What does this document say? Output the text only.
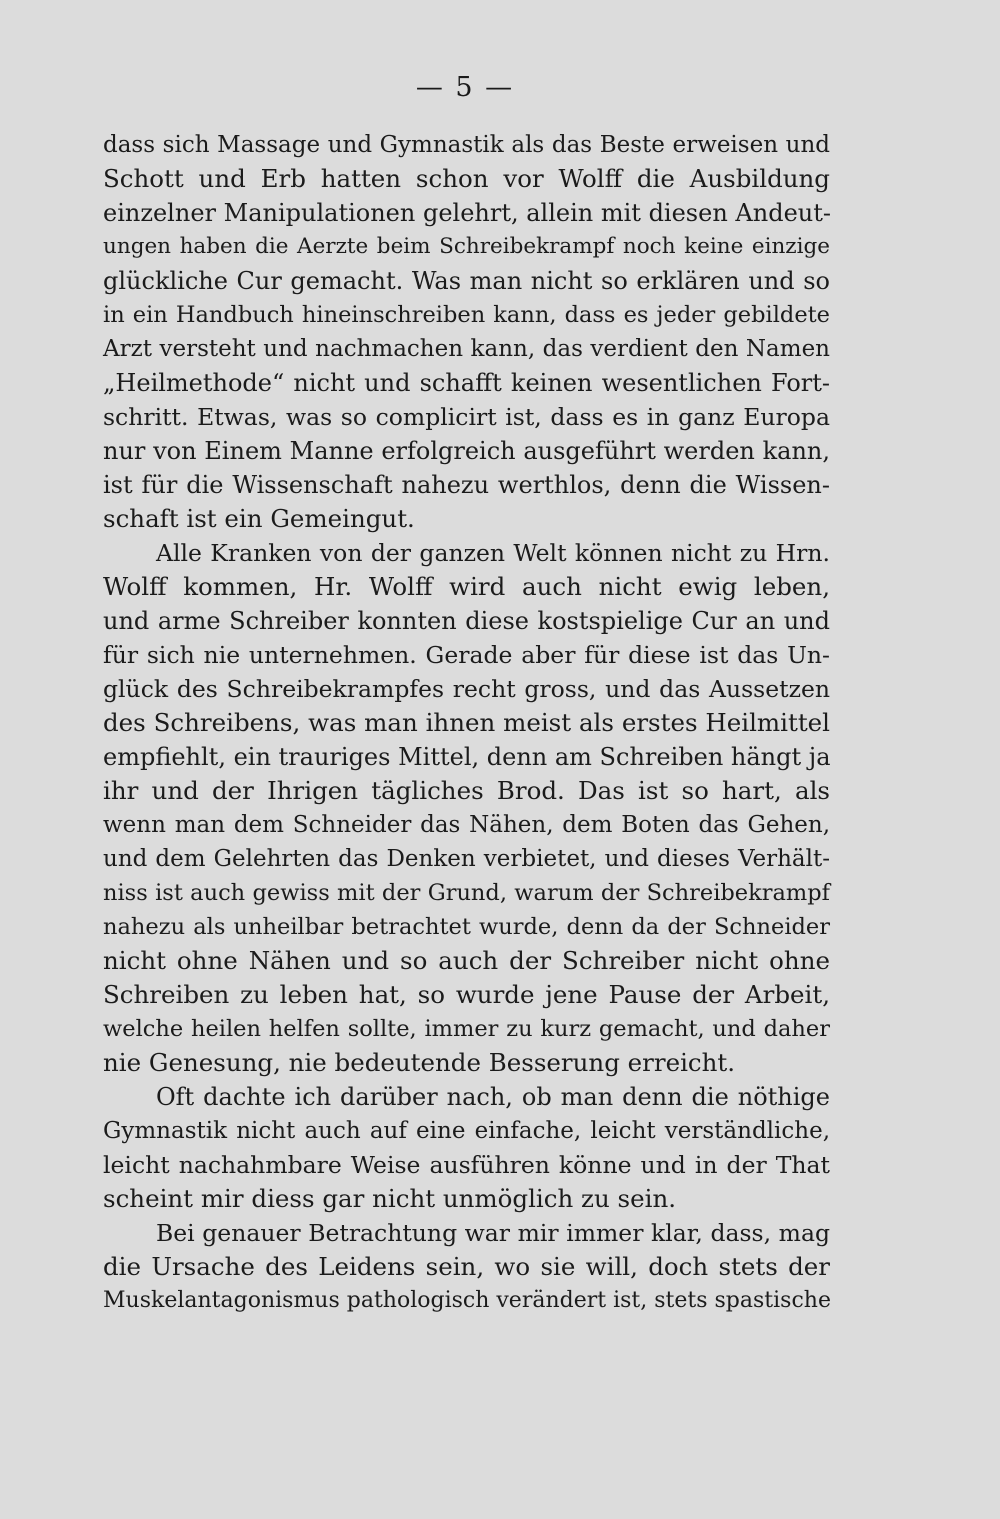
— 5 —
dass sich Massage und Gymnastik als das Beste erweisen und
Schott und Erb hatten schon vor Wolff die Ausbildung
einzelner Manipulationen gelehrt, allein mit diesen Andeut-
ungen haben die Aerzte beim Schreibekrampf noch keine einzige
glückliche Cur gemacht. Was man nicht so erklären und so
in ein Handbuch hineinschreiben kann, dass es jeder gebildete
Arzt versteht und nachmachen kann, das verdient den Namen
„Heilmethode“ nicht und schafft keinen wesentlichen Fort-
schritt. Etwas, was so complicirt ist, dass es in ganz Europa
nur von Einem Manne erfolgreich ausgeführt werden kann,
ist für die Wissenschaft nahezu werthlos, denn die Wissen-
schaft ist ein Gemeingut.
Alle Kranken von der ganzen Welt können nicht zu Hrn.
Wolff kommen, Hr. Wolff wird auch nicht ewig leben,
und arme Schreiber konnten diese kostspielige Cur an und
für sich nie unternehmen. Gerade aber für diese ist das Un-
glück des Schreibekrampfes recht gross, und das Aussetzen
des Schreibens, was man ihnen meist als erstes Heilmittel
empfiehlt, ein trauriges Mittel, denn am Schreiben hängt ja
ihr und der Ihrigen tägliches Brod. Das ist so hart, als
wenn man dem Schneider das Nähen, dem Boten das Gehen,
und dem Gelehrten das Denken verbietet, und dieses Verhält-
niss ist auch gewiss mit der Grund, warum der Schreibekrampf
nahezu als unheilbar betrachtet wurde, denn da der Schneider
nicht ohne Nähen und so auch der Schreiber nicht ohne
Schreiben zu leben hat, so wurde jene Pause der Arbeit,
welche heilen helfen sollte, immer zu kurz gemacht, und daher
nie Genesung, nie bedeutende Besserung erreicht.
Oft dachte ich darüber nach, ob man denn die nöthige
Gymnastik nicht auch auf eine einfache, leicht verständliche,
leicht nachahmbare Weise ausführen könne und in der That
scheint mir diess gar nicht unmöglich zu sein.
Bei genauer Betrachtung war mir immer klar, dass, mag
die Ursache des Leidens sein, wo sie will, doch stets der
Muskelantagonismus pathologisch verändert ist, stets spastische
